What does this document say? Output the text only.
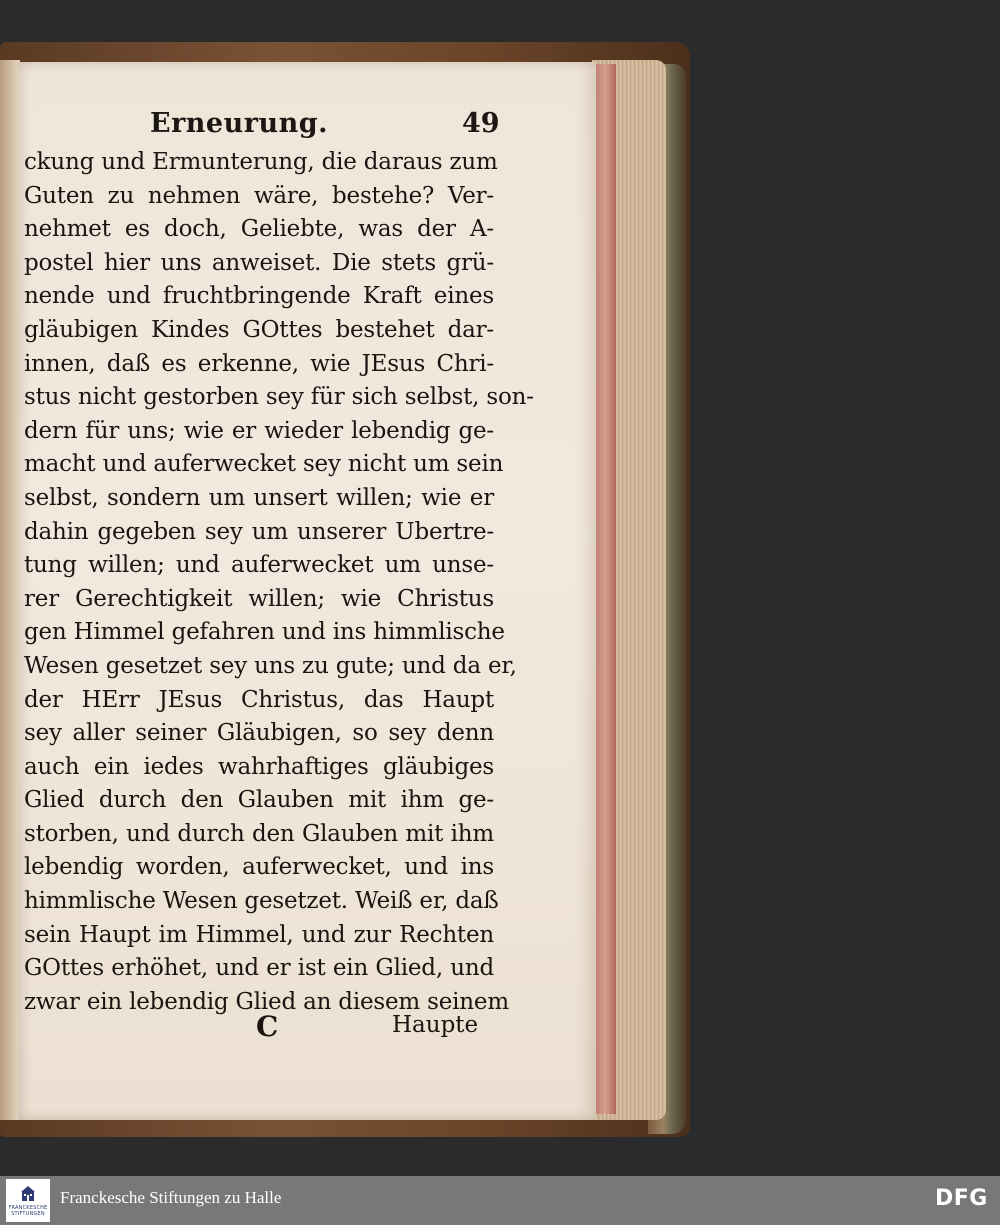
Erneurung.	49
ckung und Ermunterung, die daraus zum
Guten zu nehmen wäre, bestehe? Ver-
nehmet es doch, Geliebte, was der A-
postel hier uns anweiset. Die stets grü-
nende und fruchtbringende Kraft eines
gläubigen Kindes GOttes bestehet dar-
innen, daß es erkenne, wie JEsus Chri-
stus nicht gestorben sey für sich selbst, son-
dern für uns; wie er wieder lebendig ge-
macht und auferwecket sey nicht um sein
selbst, sondern um unsert willen; wie er
dahin gegeben sey um unserer Ubertre-
tung willen; und auferwecket um unse-
rer Gerechtigkeit willen; wie Christus
gen Himmel gefahren und ins himmlische
Wesen gesetzet sey uns zu gute; und da er,
der HErr JEsus Christus, das Haupt
sey aller seiner Gläubigen, so sey denn
auch ein iedes wahrhaftiges gläubiges
Glied durch den Glauben mit ihm ge-
storben, und durch den Glauben mit ihm
lebendig worden, auferwecket, und ins
himmlische Wesen gesetzet. Weiß er, daß
sein Haupt im Himmel, und zur Rechten
GOttes erhöhet, und er ist ein Glied, und
zwar ein lebendig Glied an diesem seinem
C	Haupte
FRANCKESCHE STIFTUNGEN
Franckesche Stiftungen zu Halle	DFG
